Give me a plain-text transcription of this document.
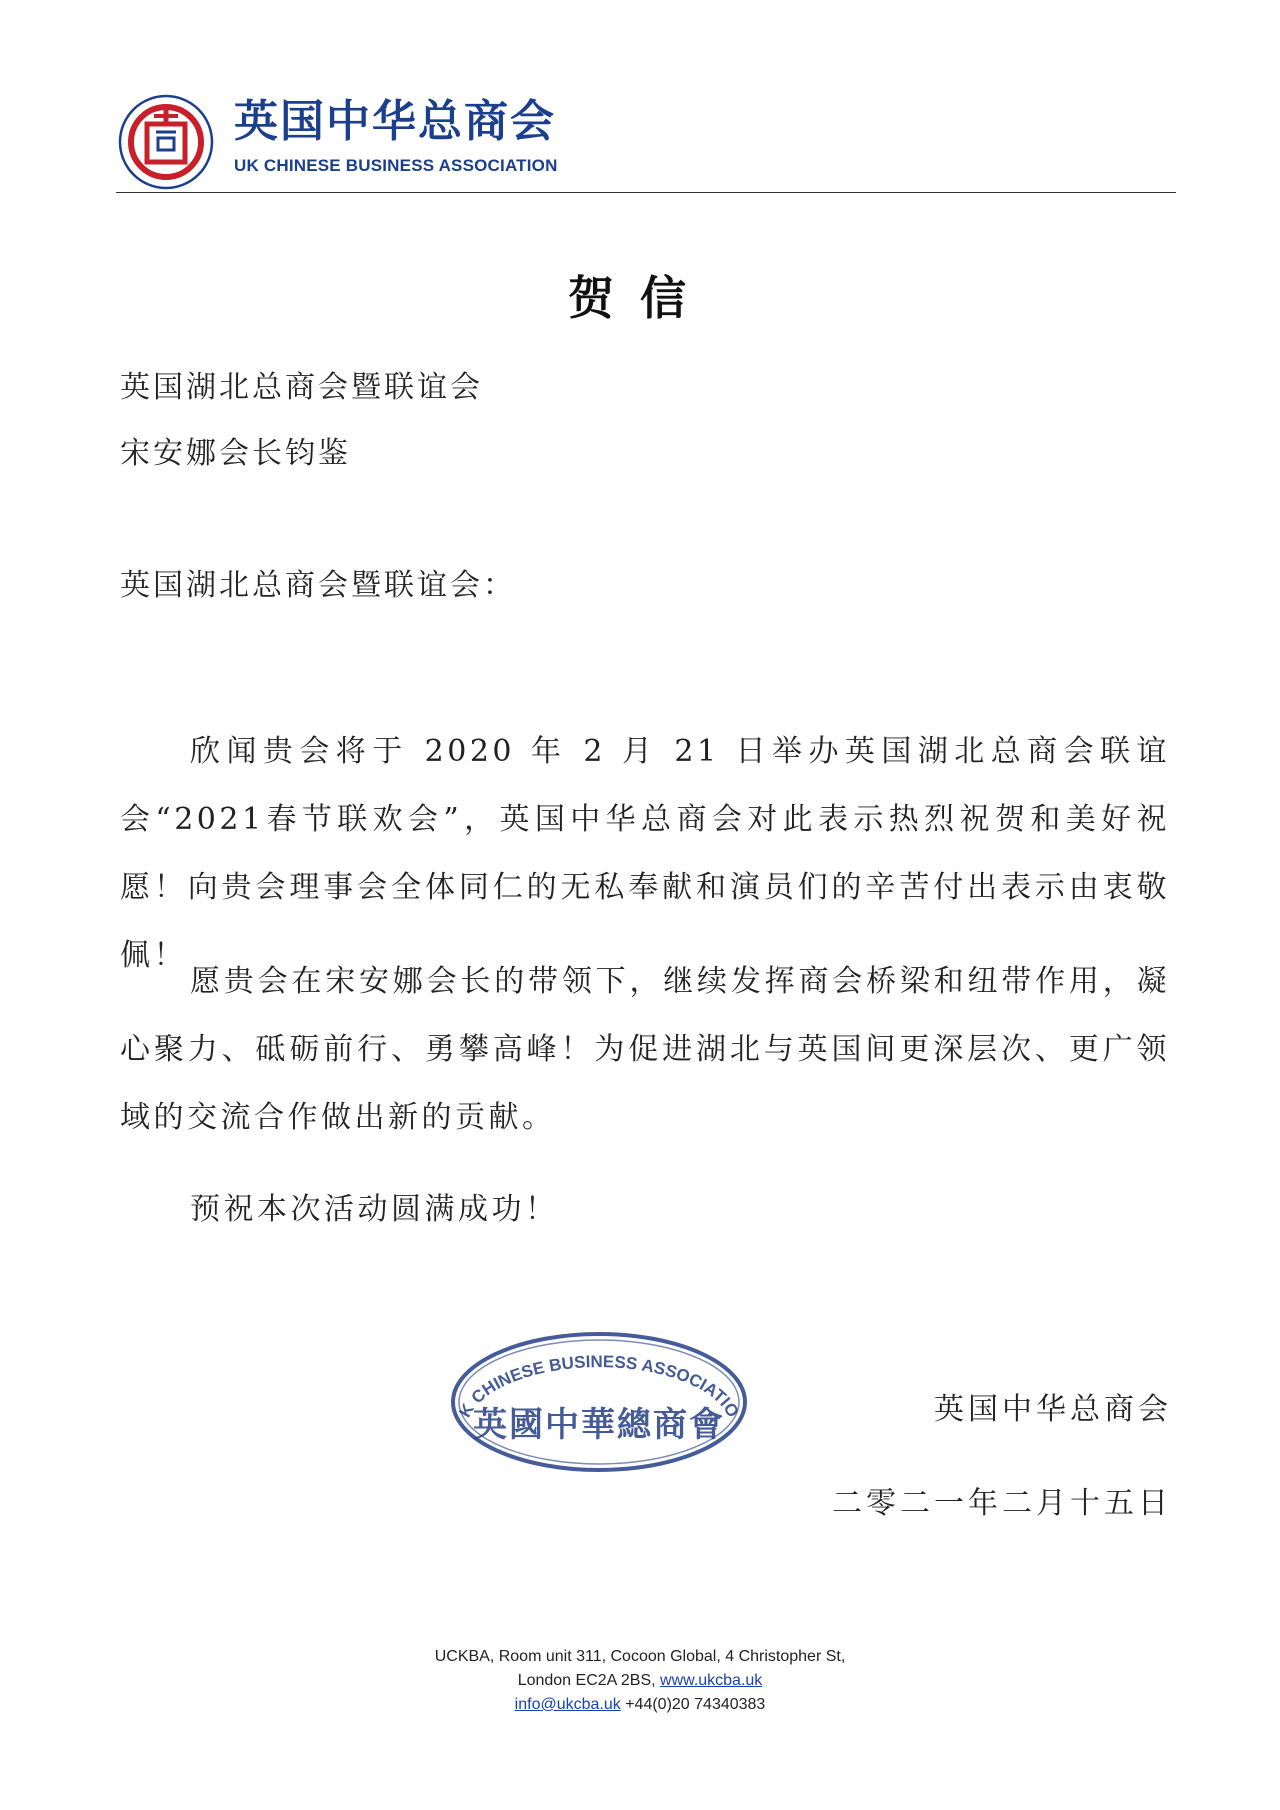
英国中华总商会
UK CHINESE BUSINESS ASSOCIATION
贺信
英国湖北总商会暨联谊会
宋安娜会长钧鉴
英国湖北总商会暨联谊会：
欣闻贵会将于 2020 年 2 月 21 日举办英国湖北总商会联谊会“2021春节联欢会”，英国中华总商会对此表示热烈祝贺和美好祝愿！向贵会理事会全体同仁的无私奉献和演员们的辛苦付出表示由衷敬佩！
愿贵会在宋安娜会长的带领下，继续发挥商会桥梁和纽带作用，凝心聚力、砥砺前行、勇攀高峰！为促进湖北与英国间更深层次、更广领域的交流合作做出新的贡献。
预祝本次活动圆满成功！
K CHINESE BUSINESS ASSOCIATIO
英國中華總商會	英国中华总商会
二零二一年二月十五日
UCKBA, Room unit 311, Cocoon Global, 4 Christopher St,
London EC2A 2BS, www.ukcba.uk
info@ukcba.uk +44(0)20 74340383
